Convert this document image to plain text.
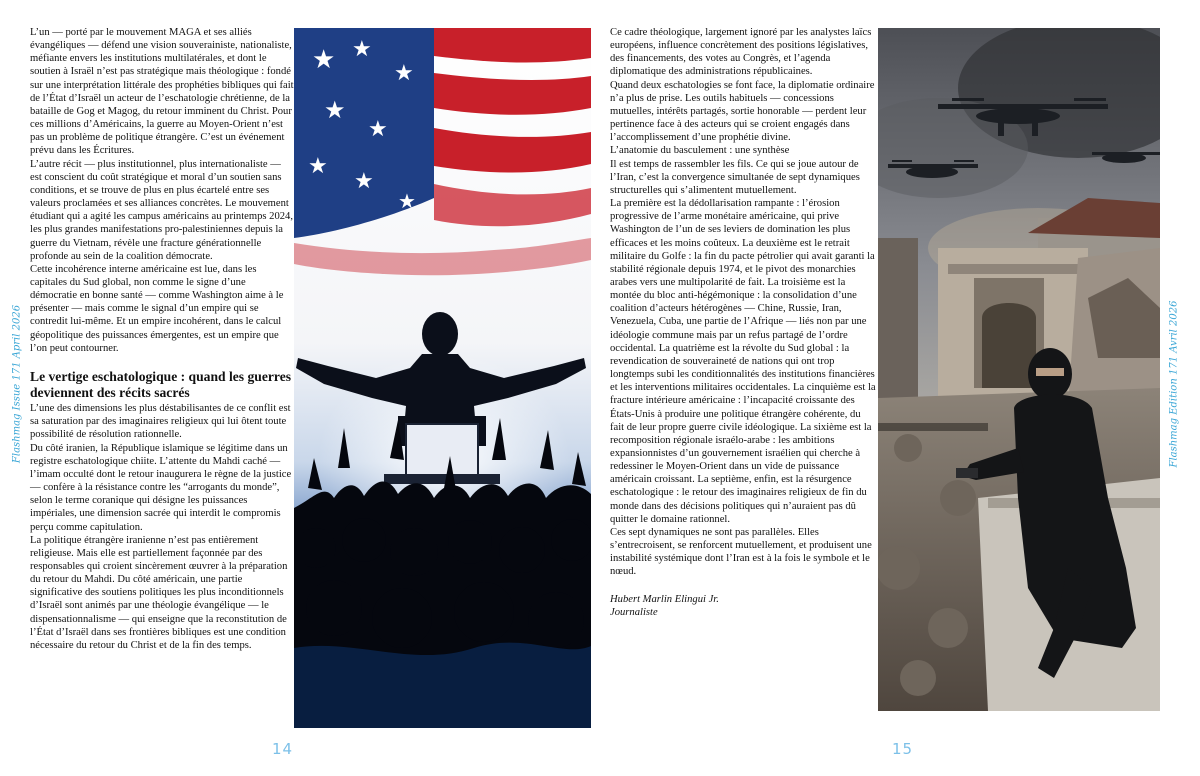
L’un — porté par le mouvement MAGA et ses alliés évangéliques — défend une vision souverainiste, nationaliste, méfiante envers les institutions multilatérales, et dont le soutien à Israël n’est pas stratégique mais théologique : fondé sur une interprétation littérale des prophéties bibliques qui fait de l’État d’Israël un acteur de l’eschatologie chrétienne, de la bataille de Gog et Magog, du retour imminent du Christ. Pour ces millions d’Américains, la guerre au Moyen-Orient n’est pas un problème de politique étrangère. C’est un événement prévu dans les Écritures.

L’autre récit — plus institutionnel, plus internationaliste — est conscient du coût stratégique et moral d’un soutien sans conditions, et se trouve de plus en plus écartelé entre ses valeurs proclamées et ses alliances concrètes. Le mouvement étudiant qui a agité les campus américains au printemps 2024, les plus grandes manifestations pro-palestiniennes depuis la guerre du Vietnam, révèle une fracture générationnelle profonde au sein de la coalition démocrate.

Cette incohérence interne américaine est lue, dans les capitales du Sud global, non comme le signe d’une démocratie en bonne santé — comme Washington aime à le présenter — mais comme le signal d’un empire qui se contredit lui-même. Et un empire incohérent, dans le calcul géopolitique des puissances émergentes, est un empire que l’on peut contourner.

Le vertige eschatologique : quand les guerres deviennent des récits sacrés

L’une des dimensions les plus déstabilisantes de ce conflit est sa saturation par des imaginaires religieux qui lui ôtent toute possibilité de résolution rationnelle.

Du côté iranien, la République islamique se légitime dans un registre eschatologique chiite. L’attente du Mahdi caché — l’imam occulté dont le retour inaugurera le règne de la justice — confère à la résistance contre les “arrogants du monde”, selon le terme coranique qui désigne les puissances impériales, une dimension sacrée qui interdit le compromis perçu comme capitulation.

La politique étrangère iranienne n’est pas entièrement religieuse. Mais elle est partiellement façonnée par des responsables qui croient sincèrement œuvrer à la préparation du retour du Mahdi. Du côté américain, une partie significative des soutiens politiques les plus inconditionnels d’Israël sont animés par une théologie évangélique — le dispensationnalisme — qui enseigne que la reconstitution de l’État d’Israël dans ses frontières bibliques est une condition nécessaire du retour du Christ et de la fin des temps.

Flashmag Issue 171 April 2026
★ ★
★
★
★
★
★
★

Ce cadre théologique, largement ignoré par les analystes laïcs européens, influence concrètement des positions législatives, des financements, des votes au Congrès, et l’agenda diplomatique des administrations républicaines.

Quand deux eschatologies se font face, la diplomatie ordinaire n’a plus de prise. Les outils habituels — concessions mutuelles, intérêts partagés, sortie honorable — perdent leur pertinence face à des acteurs qui se croient engagés dans l’accomplissement d’une prophétie divine.

L’anatomie du basculement : une synthèse

Il est temps de rassembler les fils. Ce qui se joue autour de l’Iran, c’est la convergence simultanée de sept dynamiques structurelles qui s’alimentent mutuellement.

La première est la dédollarisation rampante : l’érosion progressive de l’arme monétaire américaine, qui prive Washington de l’un de ses leviers de domination les plus efficaces et les moins coûteux. La deuxième est le retrait militaire du Golfe : la fin du pacte pétrolier qui avait garanti la stabilité régionale depuis 1974, et le pivot des monarchies arabes vers une multipolarité de fait. La troisième est la montée du bloc anti-hégémonique : la consolidation d’une coalition d’acteurs hétérogènes — Chine, Russie, Iran, Venezuela, Cuba, une partie de l’Afrique — liés non par une idéologie commune mais par un refus partagé de l’ordre occidental. La quatrième est la révolte du Sud global : la revendication de souveraineté de nations qui ont trop longtemps subi les conditionnalités des institutions financières et les interventions militaires occidentales. La cinquième est la fracture intérieure américaine : l’incapacité croissante des États-Unis à produire une politique étrangère cohérente, du fait de leur propre guerre civile idéologique. La sixième est la recomposition régionale israélo-arabe : les ambitions expansionnistes d’un gouvernement israélien qui cherche à redessiner le Moyen-Orient dans un vide de puissance américain croissant. La septième, enfin, est la résurgence eschatologique : le retour des imaginaires religieux de fin du monde dans des décisions politiques qui n’auraient pas dû quitter le domaine rationnel.

Ces sept dynamiques ne sont pas parallèles. Elles s’entrecroisent, se renforcent mutuellement, et produisent une instabilité systémique dont l’Iran est à la fois le symbole et le nœud.

Hubert Marlin Elingui Jr.

Journaliste

Flashmag Edition 171 Avril 2026
14	15
